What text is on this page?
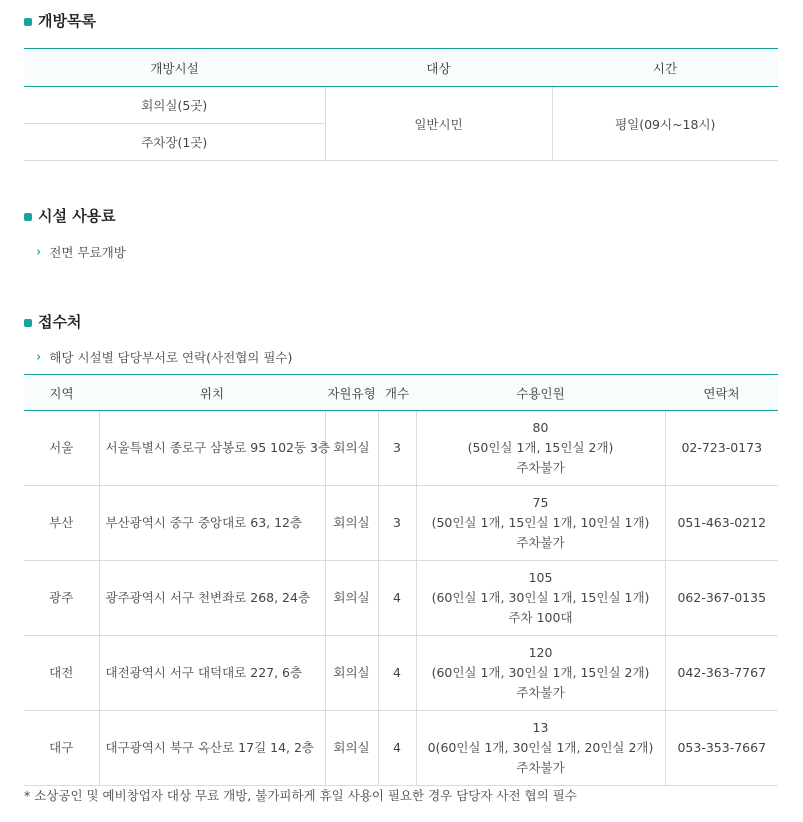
개방목록
개방시설	대상	시간
회의실(5곳)	일반시민	평일(09시~18시)
주차장(1곳)		
시설 사용료
› 전면 무료개방
접수처
› 해당 시설별 담당부서로 연락(사전협의 필수)
지역	위치	자원유형	개수	수용인원	연락처
서울	서울특별시 종로구 삼봉로 95 102동 3층	회의실	3	80
(50인실 1개, 15인실 2개)
주차불가	02-723-0173
부산	부산광역시 중구 중앙대로 63, 12층	회의실	3	75
(50인실 1개, 15인실 1개, 10인실 1개)
주차불가	051-463-0212
광주	광주광역시 서구 천변좌로 268, 24층	회의실	4	105
(60인실 1개, 30인실 1개, 15인실 1개)
주차 100대	062-367-0135
대전	대전광역시 서구 대덕대로 227, 6층	회의실	4	120
(60인실 1개, 30인실 1개, 15인실 2개)
주차불가	042-363-7767
대구	대구광역시 북구 옥산로 17길 14, 2층	회의실	4	13
0(60인실 1개, 30인실 1개, 20인실 2개)
주차불가	053-353-7667
* 소상공인 및 예비창업자 대상 무료 개방, 불가피하게 휴일 사용이 필요한 경우 담당자 사전 협의 필수
